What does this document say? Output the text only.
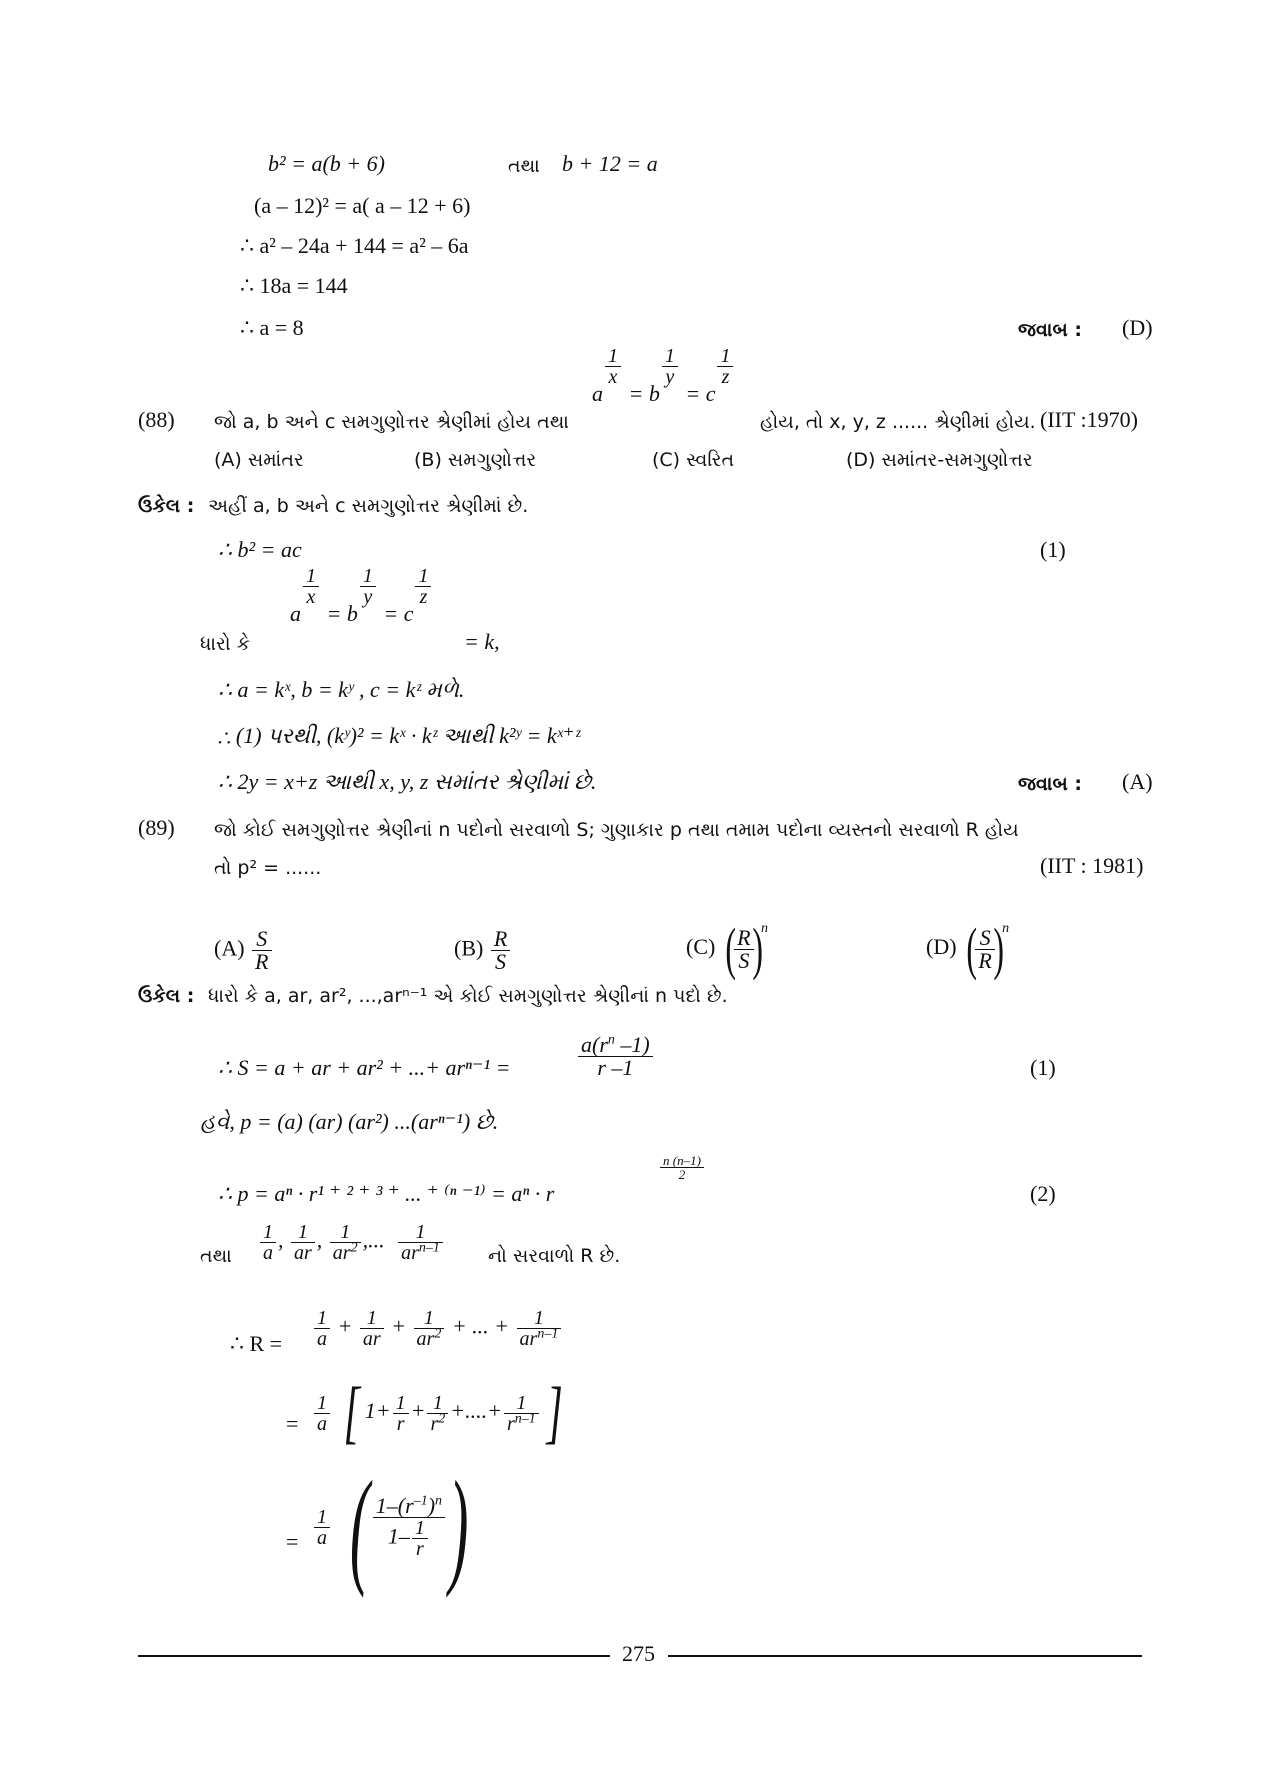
b² = a(b + 6)	તથા b + 12 = a
(a – 12)² = a( a – 12 + 6)
∴ a² – 24a + 144 = a² – 6a
∴ 18a = 144
∴ a = 8	જવાબ : (D)
(88) જો a, b અને c સમગુણોત્તર શ્રેણીમાં હોય તથા
a
$^{\frac{1}{x}}$
= b
$^{\frac{1}{y}}$
= c
$^{\frac{1}{z}}$
હોય, તો x, y, z ...... શ્રેણીમાં હોય. (IIT :1970)
(A) સમાંતર	(B) સમગુણોત્તર	(C) સ્વરિત	(D) સમાંતર-સમગુણોત્તર
ઉકેલ : અહીં a, b અને c સમગુણોત્તર શ્રેણીમાં છે.
∴ b² = ac	(1)
ધારો કે
a
$\frac{1}{x}$
= b
$\frac{1}{y}$
= c
$\frac{1}{z}$
= k,
∴ a = kˣ, b = kʸ , c = kᶻ મળે.
∴ (1) પરથી, (kʸ)² = kˣ · kᶻ આથી k²ʸ = kˣ⁺ᶻ
∴ 2y = x+z આથી x, y, z સમાંતર શ્રેણીમાં છે.	જવાબ : (A)
(89) જો કોઈ સમગુણોત્તર શ્રેણીનાં n પદોનો સરવાળો S; ગુણાકાર p તથા તમામ પદોના વ્યસ્તનો સરવાળો R હોય
તો p² = ......	(IIT : 1981)
$(A) \frac{S}{R}$	$(B) \frac{R}{S}$	(C) (
$\frac{R}{S}$
)$^n$
(D) (
$\frac{S}{R}$
)$^n$
ઉકેલ : ધારો કે a, ar, ar², ...,arⁿ⁻¹ એ કોઈ સમગુણોત્તર શ્રેણીનાં n પદો છે.
∴ S = a + ar + ar² + ...+ arⁿ⁻¹ =	$\frac{a(r^n -1)}{r -1}$	(1)
હવે, p = (a) (ar) (ar²) ...(arⁿ⁻¹) છે.
∴ p = aⁿ · r¹ ⁺ ² ⁺ ³ ⁺ ... ⁺ ⁽ⁿ ⁻¹⁾ = aⁿ · r
$\frac{n (n-1)}{2}$
(2)
તથા $\frac{1}{a}$ , $\frac{1}{ar}$ , $\frac{1}{ar^2}$ ,... $\frac{1}{ar^{n-1}}$ નો સરવાળો R છે.
∴ $R = \frac{1}{a} + \frac{1}{ar} + \frac{1}{ar^2}$ + ... + $\frac{1}{ar^{n-1}}$
= $\frac{1}{a}$ [ $1+ \frac{1}{r} + \frac{1}{r^2}$ +....+ $\frac{1}{r^{n-1}}$ ]
= $\frac{1}{a}$ ( $\frac{1-(r^{-1})^n}{1- \frac{1}{r}}$ )
275
